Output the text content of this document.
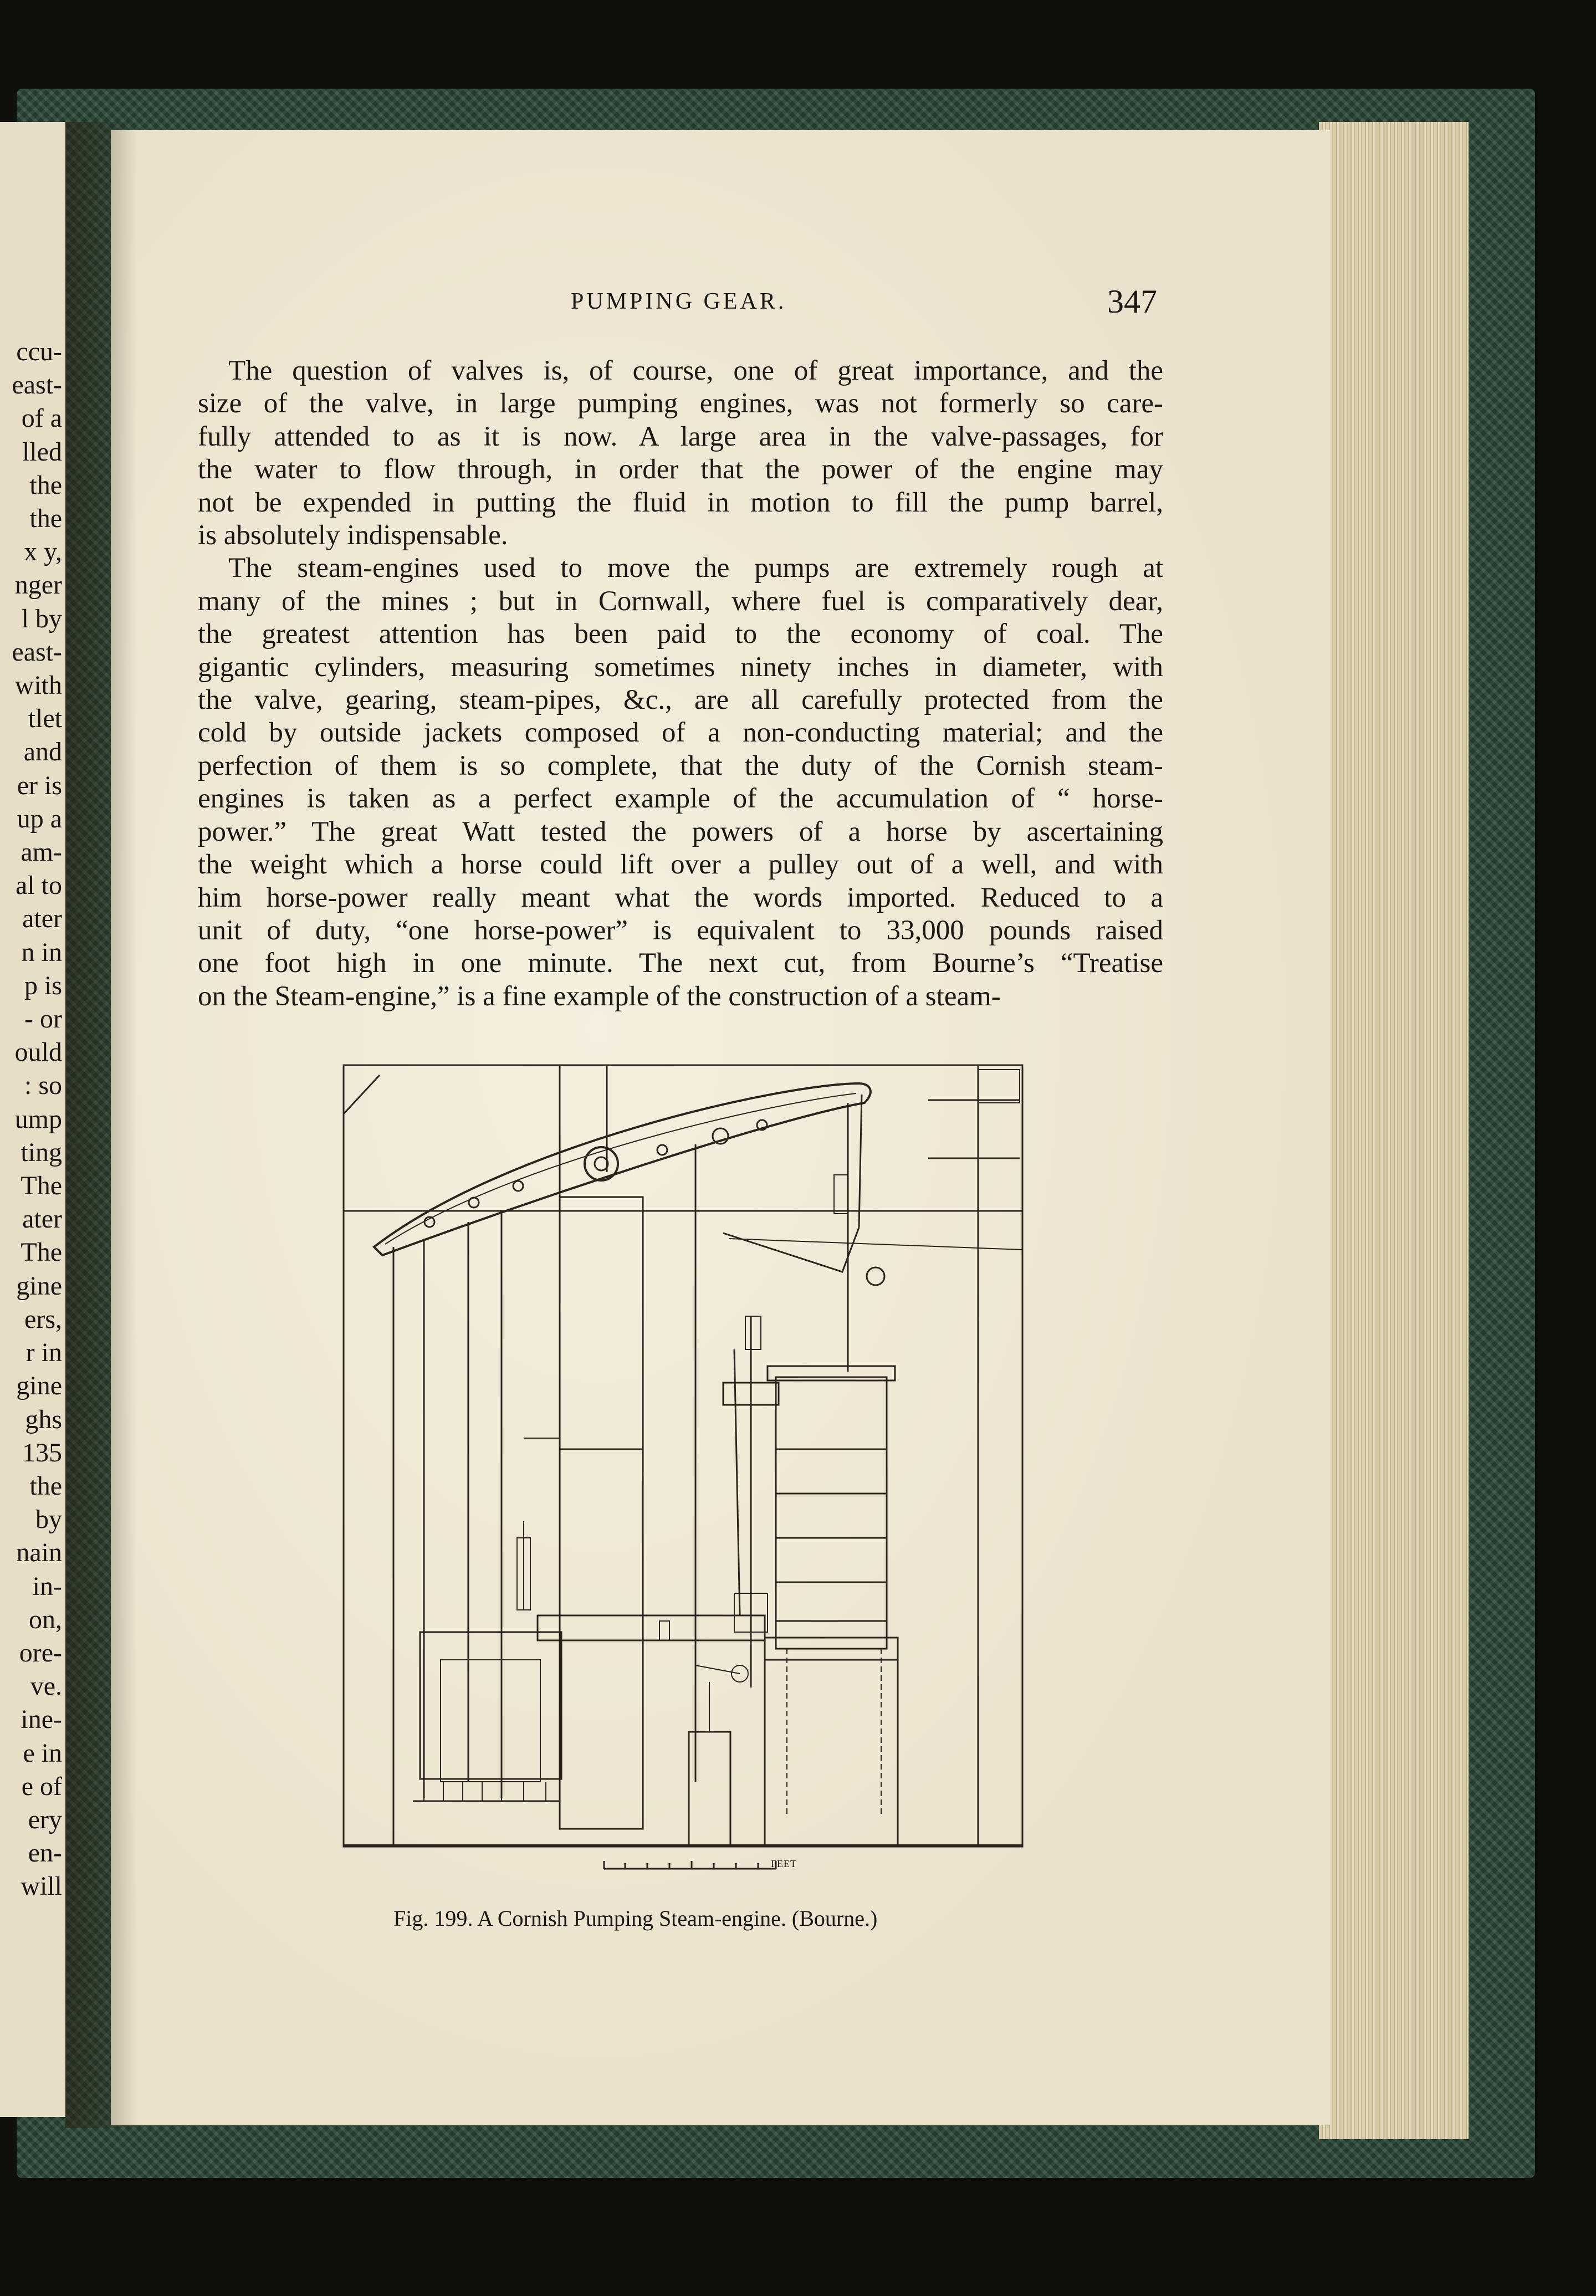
ccu-
east-
of a
lled
the
the
x y,
nger
l by
east-
with
tlet
and
er is
up a
am-
al to
ater
n in
p is
- or
ould
: so
ump
ting
The
ater
The
gine
ers,
r in
gine
ghs
135
the
by
nain
in-
on,
ore-
ve.
ine-
e in
e of
ery
en-
will
PUMPING GEAR.	347
The question of valves is, of course, one of great importance, and the
size of the valve, in large pumping engines, was not formerly so care-
fully attended to as it is now. A large area in the valve-passages, for
the water to flow through, in order that the power of the engine may
not be expended in putting the fluid in motion to fill the pump barrel,
is absolutely indispensable.
The steam-engines used to move the pumps are extremely rough at
many of the mines ; but in Cornwall, where fuel is comparatively dear,
the greatest attention has been paid to the economy of coal. The
gigantic cylinders, measuring sometimes ninety inches in diameter, with
the valve, gearing, steam-pipes, &c., are all carefully protected from the
cold by outside jackets composed of a non-conducting material; and the
perfection of them is so complete, that the duty of the Cornish steam-
engines is taken as a perfect example of the accumulation of “ horse-
power.” The great Watt tested the powers of a horse by ascertaining
the weight which a horse could lift over a pulley out of a well, and with
him horse-power really meant what the words imported. Reduced to a
unit of duty, “one horse-power” is equivalent to 33,000 pounds raised
one foot high in one minute. The next cut, from Bourne’s “Treatise
on the Steam-engine,” is a fine example of the construction of a steam-
FEET
Fig. 199. A Cornish Pumping Steam-engine. (Bourne.)
